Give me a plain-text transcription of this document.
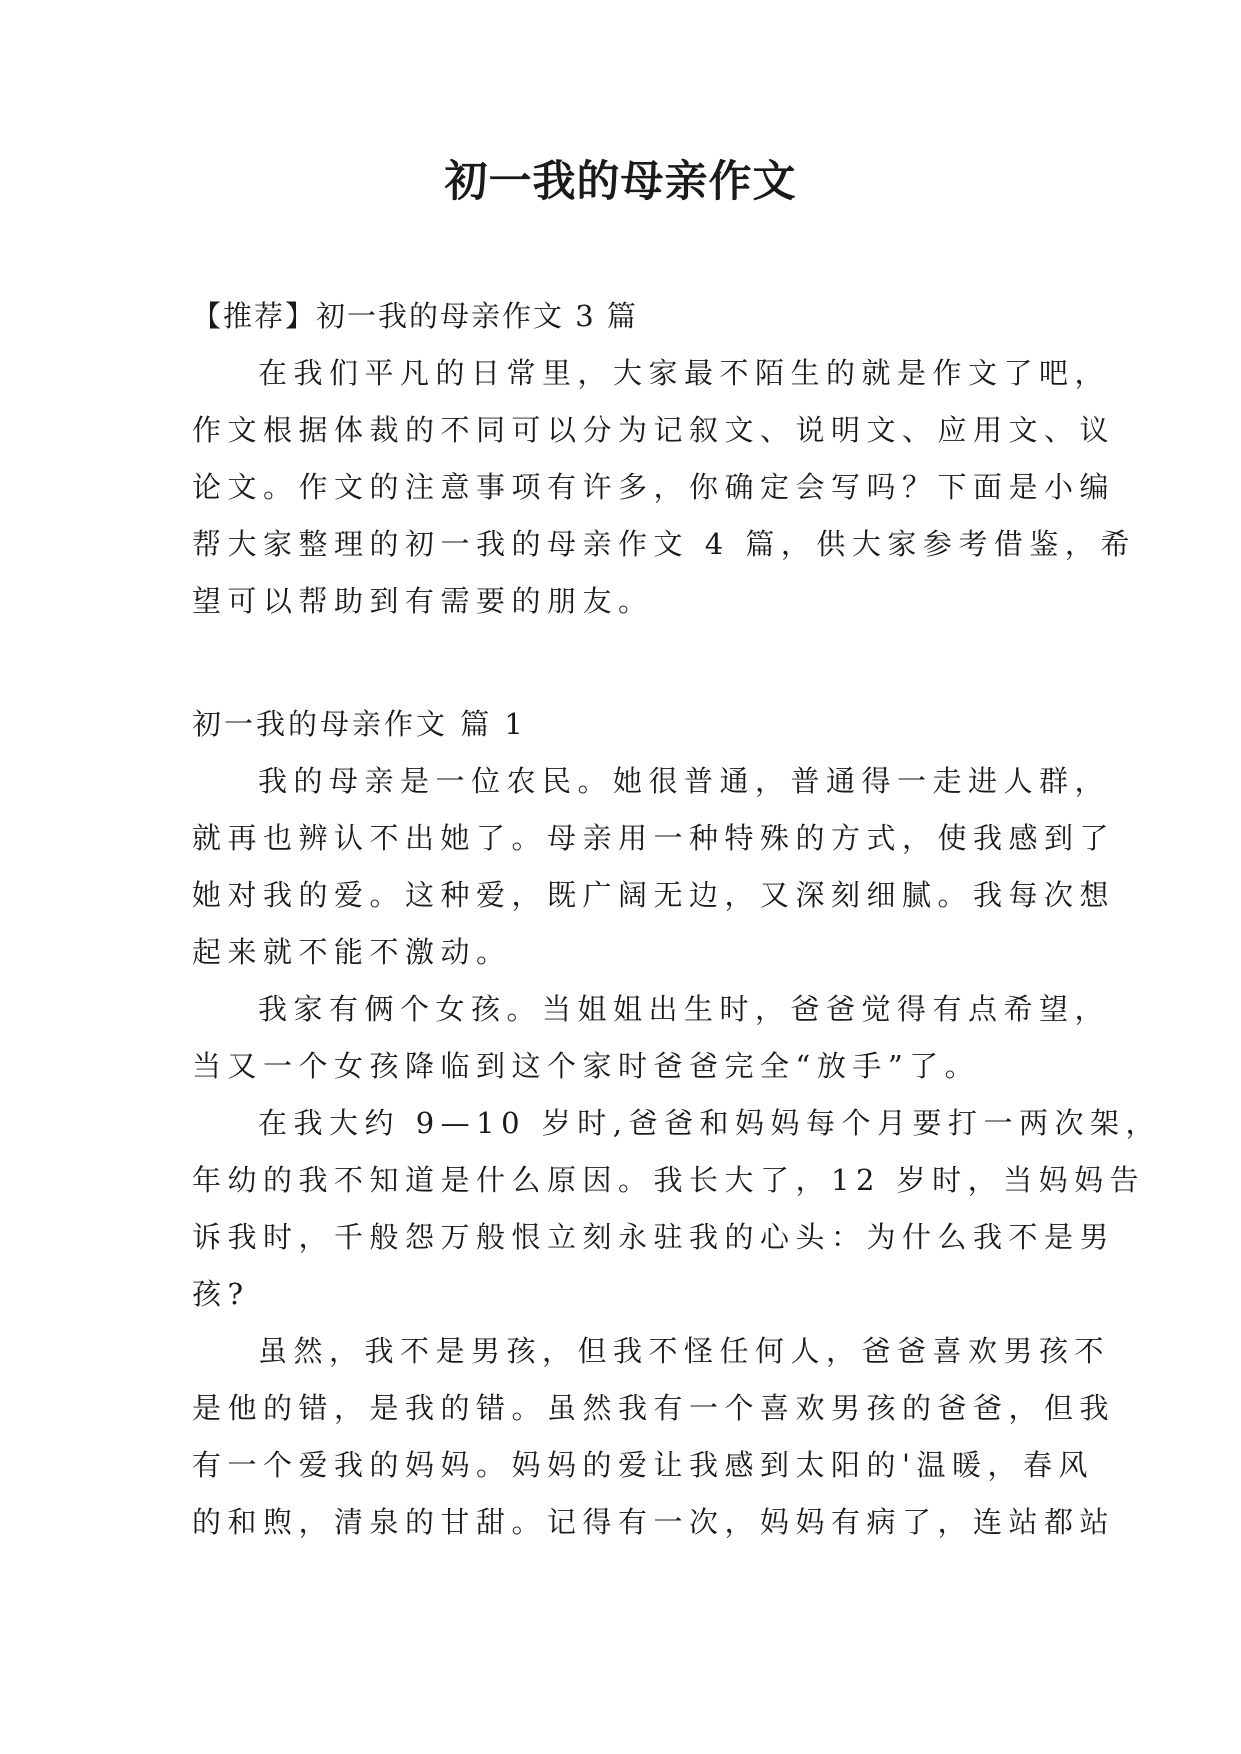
初一我的母亲作文

【推荐】初一我的母亲作文 3 篇

在我们平凡的日常里，大家最不陌生的就是作文了吧，

作文根据体裁的不同可以分为记叙文、说明文、应用文、议

论文。作文的注意事项有许多，你确定会写吗？下面是小编

帮大家整理的初一我的母亲作文 4 篇，供大家参考借鉴，希

望可以帮助到有需要的朋友。

初一我的母亲作文 篇 1

我的母亲是一位农民。她很普通，普通得一走进人群，

就再也辨认不出她了。母亲用一种特殊的方式，使我感到了

她对我的爱。这种爱，既广阔无边，又深刻细腻。我每次想

起来就不能不激动。

我家有俩个女孩。当姐姐出生时，爸爸觉得有点希望，

当又一个女孩降临到这个家时爸爸完全“放手”了。

在我大约 9—10 岁时,爸爸和妈妈每个月要打一两次架，

年幼的我不知道是什么原因。我长大了，12 岁时，当妈妈告

诉我时，千般怨万般恨立刻永驻我的心头：为什么我不是男

孩?

虽然，我不是男孩，但我不怪任何人，爸爸喜欢男孩不

是他的错，是我的错。虽然我有一个喜欢男孩的爸爸，但我

有一个爱我的妈妈。妈妈的爱让我感到太阳的'温暖，春风

的和煦，清泉的甘甜。记得有一次，妈妈有病了，连站都站
